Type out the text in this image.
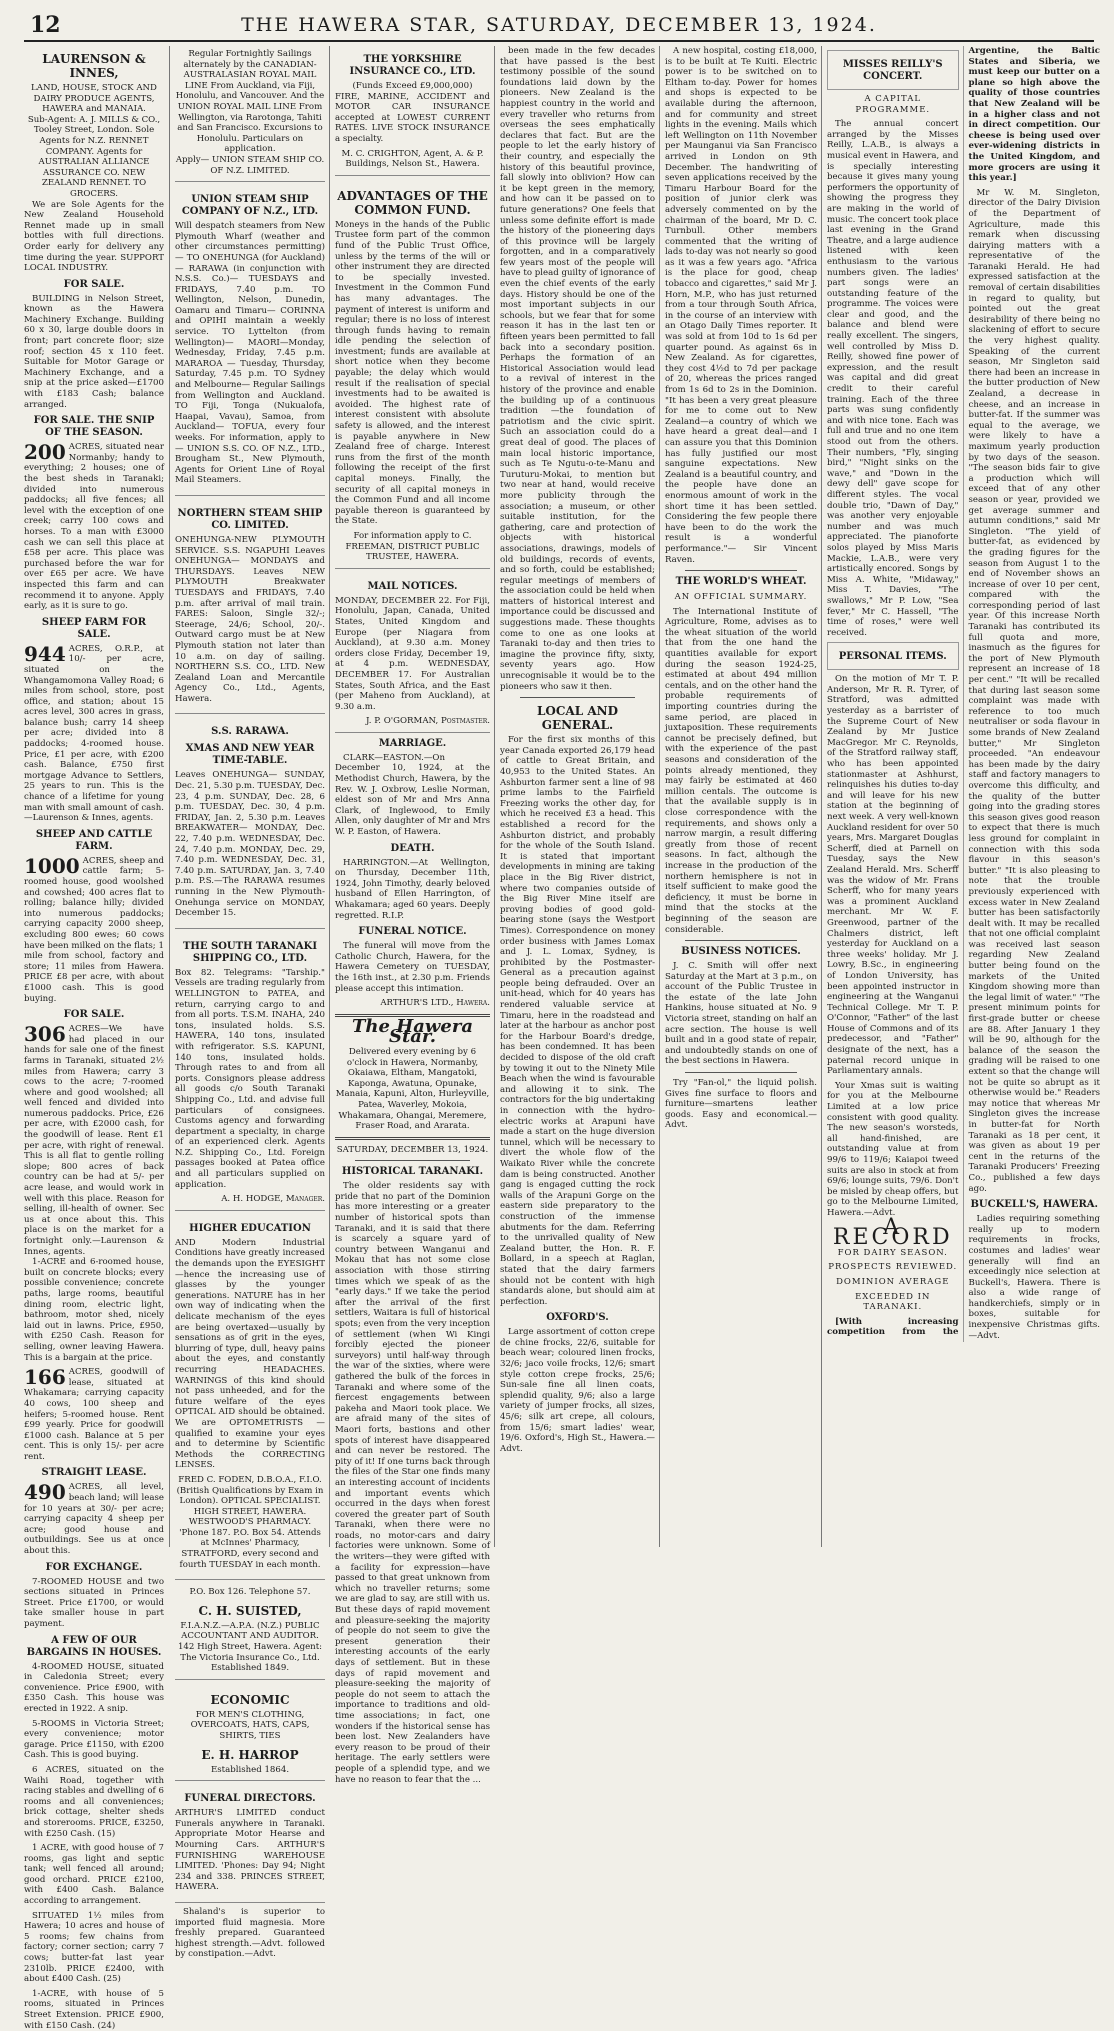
12	THE HAWERA STAR, SATURDAY, DECEMBER 13, 1924.
LAURENSON & INNES,
LAND, HOUSE, STOCK AND DAIRY PRODUCE AGENTS, HAWERA and MANAIA.
Sub-Agent: A. J. MILLS & CO., Tooley Street, London. Sole Agents for N.Z. RENNET COMPANY. Agents for AUSTRALIAN ALLIANCE ASSURANCE CO. NEW ZEALAND RENNET. TO GROCERS.

We are Sole Agents for the New Zealand Household Rennet made up in small bottles with full directions. Order early for delivery any time during the year. SUPPORT LOCAL INDUSTRY.

FOR SALE.

BUILDING in Nelson Street, known as the Hawera Machinery Exchange. Building 60 x 30, large double doors in front; part concrete floor; size roof; section 45 x 110 feet. Suitable for Motor Garage or Machinery Exchange, and a snip at the price asked—£1700 with £183 Cash; balance arranged.

FOR SALE. THE SNIP OF THE SEASON.
200 ACRES, situated near Normanby; handy to everything; 2 houses; one of the best sheds in Taranaki; divided into numerous paddocks; all five fences; all level with the exception of one creek; carry 100 cows and horses. To a man with £3000 cash we can sell this place at £58 per acre. This place was purchased before the war for over £65 per acre. We have inspected this farm and can recommend it to anyone. Apply early, as it is sure to go.
SHEEP FARM FOR SALE.
944 ACRES, O.R.P., at 10/- per acre, situated on the Whangamomona Valley Road; 6 miles from school, store, post office, and station; about 15 acres level, 300 acres in grass, balance bush; carry 14 sheep per acre; divided into 8 paddocks; 4-roomed house. Price, £1 per acre, with £200 cash. Balance, £750 first mortgage Advance to Settlers, 25 years to run. This is the chance of a lifetime for young man with small amount of cash.—Laurenson & Innes, agents.
SHEEP AND CATTLE FARM.
1000 ACRES, sheep and cattle farm; 5-roomed house, good woolshed and cowshed; 400 acres flat to rolling; balance hilly; divided into numerous paddocks; carrying capacity 2000 sheep, excluding 800 ewes; 60 cows have been milked on the flats; 1 mile from school, factory and store; 11 miles from Hawera. PRICE £8 per acre, with about £1000 cash. This is good buying.
FOR SALE.
306 ACRES—We have had placed in our hands for sale one of the finest farms in Taranaki, situated 2½ miles from Hawera; carry 3 cows to the acre; 7-roomed where and good woolshed; all well fenced and divided into numerous paddocks. Price, £26 per acre, with £2000 cash, for the goodwill of lease. Rent £1 per acre, with right of renewal. This is all flat to gentle rolling slope; 800 acres of back country can be had at 5/- per acre lease, and would work in well with this place. Reason for selling, ill-health of owner. Sec us at once about this. This place is on the market for a fortnight only.—Laurenson & Innes, agents.

1-ACRE and 6-roomed house, built on concrete blocks; every possible convenience; concrete paths, large rooms, beautiful dining room, electric light, bathroom, motor shed, nicely laid out in lawns. Price, £950, with £250 Cash. Reason for selling, owner leaving Hawera. This is a bargain at the price.

166 ACRES, goodwill of lease, situated at Whakamara; carrying capacity 40 cows, 100 sheep and heifers; 5-roomed house. Rent £99 yearly. Price for goodwill £1000 cash. Balance at 5 per cent. This is only 15/- per acre rent.
STRAIGHT LEASE.
490 ACRES, all level, beach land; will lease for 10 years at 30/- per acre; carrying capacity 4 sheep per acre; good house and outbuildings. See us at once about this.
FOR EXCHANGE.

7-ROOMED HOUSE and two sections situated in Princes Street. Price £1700, or would take smaller house in part payment.

A FEW OF OUR BARGAINS IN HOUSES.

4-ROOMED HOUSE, situated in Caledonia Street; every convenience. Price £900, with £350 Cash. This house was erected in 1922. A snip.

5-ROOMS in Victoria Street; every convenience; motor garage. Price £1150, with £200 Cash. This is good buying.

6 ACRES, situated on the Waihi Road, together with racing stables and dwelling of 6 rooms and all conveniences; brick cottage, shelter sheds and storerooms. PRICE, £3250, with £250 Cash. (15)

1 ACRE, with good house of 7 rooms, gas light and septic tank; well fenced all around; good orchard. PRICE £2100, with £400 Cash. Balance according to arrangement.

SITUATED 1½ miles from Hawera; 10 acres and house of 5 rooms; few chains from factory; corner section; carry 7 cows; butter-fat last year 2310lb. PRICE £2400, with about £400 Cash. (25)

1-ACRE, with house of 5 rooms, situated in Princes Street Extension. PRICE £900, with £150 Cash. (24)

Regular Fortnightly Sailings alternately by the CANADIAN-AUSTRALASIAN ROYAL MAIL LINE From Auckland, via Fiji, Honolulu, and Vancouver. And the UNION ROYAL MAIL LINE From Wellington, via Rarotonga, Tahiti and San Francisco. Excursions to Honolulu. Particulars on application.
Apply— UNION STEAM SHIP CO. OF N.Z. LIMITED.
UNION STEAM SHIP COMPANY OF N.Z., LTD.

Will despatch steamers from New Plymouth Wharf (weather and other circumstances permitting)— TO ONEHUNGA (for Auckland)— RARAWA (in conjunction with N.S.S. Co.)— TUESDAYS and FRIDAYS, 7.40 p.m. TO Wellington, Nelson, Dunedin, Oamaru and Timaru— CORINNA and OPIHI maintain a weekly service. TO Lyttelton (from Wellington)— MAORI—Monday, Wednesday, Friday, 7.45 p.m. MARAROA — Tuesday, Thursday, Saturday, 7.45 p.m. TO Sydney and Melbourne— Regular Sailings from Wellington and Auckland. TO Fiji, Tonga (Nukualofa, Haapai, Vavau), Samoa, from Auckland— TOFUA, every four weeks. For information, apply to— UNION S.S. CO. OF N.Z., LTD., Brougham St., New Plymouth, Agents for Orient Line of Royal Mail Steamers.

NORTHERN STEAM SHIP CO. LIMITED.

ONEHUNGA-NEW PLYMOUTH SERVICE. S.S. NGAPUHI Leaves ONEHUNGA— MONDAYS and THURSDAYS. Leaves NEW PLYMOUTH Breakwater TUESDAYS and FRIDAYS, 7.40 p.m. after arrival of mail train. FARES: Saloon, Single 32/-; Steerage, 24/6; School, 20/-. Outward cargo must be at New Plymouth station not later than 10 a.m. on day of sailing. NORTHERN S.S. CO., LTD. New Zealand Loan and Mercantile Agency Co., Ltd., Agents, Hawera.

S.S. RARAWA.
XMAS AND NEW YEAR TIME-TABLE.

Leaves ONEHUNGA— SUNDAY, Dec. 21, 5.30 p.m. TUESDAY, Dec. 23, 4 p.m. SUNDAY, Dec. 28, 6 p.m. TUESDAY, Dec. 30, 4 p.m. FRIDAY, Jan. 2, 5.30 p.m. Leaves BREAKWATER— MONDAY, Dec. 22, 7.40 p.m. WEDNESDAY, Dec. 24, 7.40 p.m. MONDAY, Dec. 29, 7.40 p.m. WEDNESDAY, Dec. 31, 7.40 p.m. SATURDAY, Jan. 3, 7.40 p.m. P.S.—The RARAWA resumes running in the New Plymouth-Onehunga service on MONDAY, December 15.

THE SOUTH TARANAKI SHIPPING CO., LTD.

Box 82. Telegrams: "Tarship." Vessels are trading regularly from WELLINGTON to PATEA, and return, carrying cargo to and from all ports. T.S.M. INAHA, 240 tons, insulated holds. S.S. HAWERA, 140 tons, insulated with refrigerator. S.S. KAPUNI, 140 tons, insulated holds. Through rates to and from all ports. Consignors please address all goods c/o South Taranaki Shipping Co., Ltd. and advise full particulars of consignees. Customs agency and forwarding department a specialty, in charge of an experienced clerk. Agents N.Z. Shipping Co., Ltd. Foreign passages booked at Patea office and all particulars supplied on application.

A. H. HODGE, Manager.
HIGHER EDUCATION

AND Modern Industrial Conditions have greatly increased the demands upon the EYESIGHT—hence the increasing use of glasses by the younger generations. NATURE has in her own way of indicating when the delicate mechanism of the eyes are being overtaxed—usually by sensations as of grit in the eyes, blurring of type, dull, heavy pains about the eyes, and constantly recurring HEADACHES. WARNINGS of this kind should not pass unheeded, and for the future welfare of the eyes OPTICAL AID should be obtained. We are OPTOMETRISTS —qualified to examine your eyes and to determine by Scientific Methods the CORRECTING LENSES.

FRED C. FODEN, D.B.O.A., F.I.O. (British Qualifications by Exam in London). OPTICAL SPECIALIST. HIGH STREET, HAWERA. WESTWOOD'S PHARMACY. 'Phone 187. P.O. Box 54. Attends at McInnes' Pharmacy, STRATFORD, every second and fourth TUESDAY in each month.

P.O. Box 126. Telephone 57.
C. H. SUISTED,
F.I.A.N.Z.—A.P.A. (N.Z.) PUBLIC ACCOUNTANT AND AUDITOR. 142 High Street, Hawera. Agent: The Victoria Insurance Co., Ltd. Established 1849.
ECONOMIC
FOR MEN'S CLOTHING, OVERCOATS, HATS, CAPS, SHIRTS, TIES
E. H. HARROP
Established 1864.
FUNERAL DIRECTORS.

ARTHUR'S LIMITED conduct Funerals anywhere in Taranaki. Appropriate Motor Hearse and Mourning Cars. ARTHUR'S FURNISHING WAREHOUSE LIMITED. 'Phones: Day 94; Night 234 and 338. PRINCES STREET, HAWERA.

Shaland's is superior to imported fluid magnesia. More freshly prepared. Guaranteed highest strength.—Advt. followed by constipation.—Advt.

THE YORKSHIRE INSURANCE CO., LTD.
(Funds Exceed £9,000,000)

FIRE, MARINE, ACCIDENT and MOTOR CAR INSURANCE accepted at LOWEST CURRENT RATES. LIVE STOCK INSURANCE a specialty.

M. C. CRIGHTON, Agent, A. & P. Buildings, Nelson St., Hawera.
ADVANTAGES OF THE COMMON FUND.

Moneys in the hands of the Public Trustee form part of the common fund of the Public Trust Office, unless by the terms of the will or other instrument they are directed to be specially invested. Investment in the Common Fund has many advantages. The payment of interest is uniform and regular; there is no loss of interest through funds having to remain idle pending the selection of investment; funds are available at short notice when they become payable; the delay which would result if the realisation of special investments had to be awaited is avoided. The highest rate of interest consistent with absolute safety is allowed, and the interest is payable anywhere in New Zealand free of charge. Interest runs from the first of the month following the receipt of the first capital moneys. Finally, the security of all capital moneys in the Common Fund and all income payable thereon is guaranteed by the State.

For information apply to C. FREEMAN, DISTRICT PUBLIC TRUSTEE, HAWERA.
MAIL NOTICES.

MONDAY, DECEMBER 22. For Fiji, Honolulu, Japan, Canada, United States, United Kingdom and Europe (per Niagara from Auckland), at 9.30 a.m. Money orders close Friday, December 19, at 4 p.m. WEDNESDAY, DECEMBER 17. For Australian States, South Africa, and the East (per Maheno from Auckland), at 9.30 a.m.

J. P. O'GORMAN, Postmaster.
MARRIAGE.

CLARK—EASTON.—On December 10, 1924, at the Methodist Church, Hawera, by the Rev. W. J. Oxbrow, Leslie Norman, eldest son of Mr and Mrs Anna Clark, of Inglewood, to Emily Allen, only daughter of Mr and Mrs W. P. Easton, of Hawera.

DEATH.

HARRINGTON.—At Wellington, on Thursday, December 11th, 1924, John Timothy, dearly beloved husband of Ellen Harrington, of Whakamara; aged 60 years. Deeply regretted. R.I.P.

FUNERAL NOTICE.

The funeral will move from the Catholic Church, Hawera, for the Hawera Cemetery on TUESDAY, the 16th inst., at 2.30 p.m. Friends please accept this intimation.

ARTHUR'S LTD., Hawera.
The Hawera Star.
Delivered every evening by 6 o'clock in Hawera, Normanby, Okaiawa, Eltham, Mangatoki, Kaponga, Awatuna, Opunake, Manaia, Kapuni, Alton, Hurleyville, Patea, Waverley, Mokoia, Whakamara, Ohangai, Meremere, Fraser Road, and Ararata.
SATURDAY, DECEMBER 13, 1924.
HISTORICAL TARANAKI.

The older residents say with pride that no part of the Dominion has more interesting or a greater number of historical spots than Taranaki, and it is said that there is scarcely a square yard of country between Wanganui and Mokau that has not some close association with those stirring times which we speak of as the "early days." If we take the period after the arrival of the first settlers, Waitara is full of historical spots; even from the very inception of settlement (when Wi Kingi forcibly ejected the pioneer surveyors) until half-way through the war of the sixties, where were gathered the bulk of the forces in Taranaki and where some of the fiercest engagements between pakeha and Maori took place. We are afraid many of the sites of Maori forts, bastions and other spots of interest have disappeared and can never be restored. The pity of it! If one turns back through the files of the Star one finds many an interesting account of incidents and important events which occurred in the days when forest covered the greater part of South Taranaki, when there were no roads, no motor-cars and dairy factories were unknown. Some of the writers—they were gifted with a facility for expression—have passed to that great unknown from which no traveller returns; some we are glad to say, are still with us. But these days of rapid movement and pleasure-seeking the majority of people do not seem to give the present generation their interesting accounts of the early days of settlement. But in these days of rapid movement and pleasure-seeking the majority of people do not seem to attach the importance to traditions and old-time associations; in fact, one wonders if the historical sense has been lost. New Zealanders have every reason to be proud of their heritage. The early settlers were people of a splendid type, and we have no reason to fear that the ...

been made in the few decades that have passed is the best testimony possible of the sound foundations laid down by the pioneers. New Zealand is the happiest country in the world and every traveller who returns from overseas the sees emphatically declares that fact. But are the people to let the early history of their country, and especially the history of this beautiful province, fall slowly into oblivion? How can it be kept green in the memory, and how can it be passed on to future generations? One feels that unless some definite effort is made the history of the pioneering days of this province will be largely forgotten, and in a comparatively few years most of the people will have to plead guilty of ignorance of even the chief events of the early days. History should be one of the most important subjects in our schools, but we fear that for some reason it has in the last ten or fifteen years been permitted to fall back into a secondary position. Perhaps the formation of an Historical Association would lead to a revival of interest in the history of the province and enable the building up of a continuous tradition —the foundation of patriotism and the civic spirit. Such an association could do a great deal of good. The places of main local historic importance, such as Te Ngutu-o-te-Manu and Turuturu-Mokai, to mention but two near at hand, would receive more publicity through the association; a museum, or other suitable institution, for the gathering, care and protection of objects with historical associations, drawings, models of old buildings, records of events, and so forth, could be established; regular meetings of members of the association could be held when matters of historical interest and importance could be discussed and suggestions made. These thoughts come to one as one looks at Taranaki to-day and then tries to imagine the province fifty, sixty, seventy years ago. How unrecognisable it would be to the pioneers who saw it then.

LOCAL AND GENERAL.

For the first six months of this year Canada exported 26,179 head of cattle to Great Britain, and 40,953 to the United States. An Ashburton farmer sent a line of 98 prime lambs to the Fairfield Freezing works the other day, for which he received £3 a head. This established a record for the Ashburton district, and probably for the whole of the South Island. It is stated that important developments in mining are taking place in the Big River district, where two companies outside of the Big River Mine itself are proving bodies of good gold-bearing stone (says the Westport Times). Correspondence on money order business with James Lomax and J. L. Lomax, Sydney, is prohibited by the Postmaster-General as a precaution against people being defrauded. Over an unit-head, which for 40 years has rendered valuable service at Timaru, here in the roadstead and later at the harbour as anchor post for the Harbour Board's dredge, has been condemned. It has been decided to dispose of the old craft by towing it out to the Ninety Mile Beach when the wind is favourable and allowing it to sink. The contractors for the big undertaking in connection with the hydro-electric works at Arapuni have made a start on the huge diversion tunnel, which will be necessary to divert the whole flow of the Waikato River while the concrete dam is being constructed. Another gang is engaged cutting the rock walls of the Arapuni Gorge on the eastern side preparatory to the construction of the immense abutments for the dam. Referring to the unrivalled quality of New Zealand butter, the Hon. R. F. Bollard, in a speech at Raglan, stated that the dairy farmers should not be content with high standards alone, but should aim at perfection.

OXFORD'S.

Large assortment of cotton crepe de chine frocks, 22/6, suitable for beach wear; coloured linen frocks, 32/6; jaco voile frocks, 12/6; smart style cotton crepe frocks, 25/6; Sun-sale fine all linen coats, splendid quality, 9/6; also a large variety of jumper frocks, all sizes, 45/6; silk art crepe, all colours, from 15/6; smart ladies' wear, 19/6. Oxford's, High St., Hawera.—Advt.

A new hospital, costing £18,000, is to be built at Te Kuiti. Electric power is to be switched on to Eltham to-day. Power for homes and shops is expected to be available during the afternoon, and for community and street lights in the evening. Mails which left Wellington on 11th November per Maunganui via San Francisco arrived in London on 9th December. The handwriting of seven applications received by the Timaru Harbour Board for the position of junior clerk was adversely commented on by the chairman of the board, Mr D. C. Turnbull. Other members commented that the writing of lads to-day was not nearly so good as it was a few years ago. "Africa is the place for good, cheap tobacco and cigarettes," said Mr J. Horn, M.P., who has just returned from a tour through South Africa, in the course of an interview with an Otago Daily Times reporter. It was sold at from 10d to 1s 6d per quarter pound. As against 6s in New Zealand. As for cigarettes, they cost 4½d to 7d per package of 20, whereas the prices ranged from 1s 6d to 2s in the Dominion. "It has been a very great pleasure for me to come out to New Zealand—a country of which we have heard a great deal—and I can assure you that this Dominion has fully justified our most sanguine expectations. New Zealand is a beautiful country, and the people have done an enormous amount of work in the short time it has been settled. Considering the few people there have been to do the work the result is a wonderful performance."— Sir Vincent Raven.

THE WORLD'S WHEAT.
AN OFFICIAL SUMMARY.

The International Institute of Agriculture, Rome, advises as to the wheat situation of the world that from the one hand the quantities available for export during the season 1924-25, estimated at about 494 million centals, and on the other hand the probable requirements of importing countries during the same period, are placed in juxtaposition. These requirements cannot be precisely defined, but with the experience of the past seasons and consideration of the points already mentioned, they may fairly be estimated at 460 million centals. The outcome is that the available supply is in close correspondence with the requirements, and shows only a narrow margin, a result differing greatly from those of recent seasons. In fact, although the increase in the production of the northern hemisphere is not in itself sufficient to make good the deficiency, it must be borne in mind that the stocks at the beginning of the season are considerable.

BUSINESS NOTICES.

J. C. Smith will offer next Saturday at the Mart at 3 p.m., on account of the Public Trustee in the estate of the late John Hankins, house situated at No. 9 Victoria street, standing on half an acre section. The house is well built and in a good state of repair, and undoubtedly stands on one of the best sections in Hawera.

Try "Fan-ol," the liquid polish. Gives fine surface to floors and furniture—smartens leather goods. Easy and economical.—Advt.

MISSES REILLY'S CONCERT.
A CAPITAL PROGRAMME.

The annual concert arranged by the Misses Reilly, L.A.B., is always a musical event in Hawera, and is specially interesting because it gives many young performers the opportunity of showing the progress they are making in the world of music. The concert took place last evening in the Grand Theatre, and a large audience listened with keen enthusiasm to the various numbers given. The ladies' part songs were an outstanding feature of the programme. The voices were clear and good, and the balance and blend were really excellent. The singers, well controlled by Miss D. Reilly, showed fine power of expression, and the result was capital and did great credit to their careful training. Each of the three parts was sung confidently and with nice tone. Each was full and true and no one item stood out from the others. Their numbers, "Fly, singing bird," "Night sinks on the wave," and "Down in the dewy dell" gave scope for different styles. The vocal double trio, "Dawn of Day," was another very enjoyable number and was much appreciated. The pianoforte solos played by Miss Maris Mackie, L.A.B., were very artistically encored. Songs by Miss A. White, "Midaway," Miss T. Davies, "The swallows," Mr P. Low, "Sea fever," Mr C. Hassell, "The time of roses," were well received.

PERSONAL ITEMS.

On the motion of Mr T. P. Anderson, Mr R. R. Tyrer, of Stratford, was admitted yesterday as a barrister of the Supreme Court of New Zealand by Mr Justice MacGregor. Mr C. Reynolds, of the Stratford railway staff, who has been appointed stationmaster at Ashhurst, relinquishes his duties to-day and will leave for his new station at the beginning of next week. A very well-known Auckland resident for over 50 years, Mrs. Margaret Douglas Scherff, died at Parnell on Tuesday, says the New Zealand Herald. Mrs. Scherff was the widow of Mr. Frans Scherff, who for many years was a prominent Auckland merchant. Mr W. F. Greenwood, partner of the Chalmers district, left yesterday for Auckland on a three weeks' holiday. Mr J. Lowry, B.Sc., in engineering of London University, has been appointed instructor in engineering at the Wanganui Technical College. Mr T. P. O'Connor, "Father" of the last House of Commons and of its predecessor, and "Father" designate of the next, has a paternal record unique in Parliamentary annals.

Your Xmas suit is waiting for you at the Melbourne Limited at a low price consistent with good quality. The new season's worsteds, all hand-finished, are outstanding value at from 99/6 to 119/6; Kaiapoi tweed suits are also in stock at from 69/6; lounge suits, 79/6. Don't be misled by cheap offers, but go to the Melbourne Limited, Hawera.—Advt.

A RECORD
FOR DAIRY SEASON.
PROSPECTS REVIEWED.
DOMINION AVERAGE
EXCEEDED IN TARANAKI.

[With increasing competition from the Argentine, the Baltic States and Siberia, we must keep our butter on a plane so high above the quality of those countries that New Zealand will be in a higher class and not in direct competition. Our cheese is being used over ever-widening districts in the United Kingdom, and more grocers are using it this year.]

Mr W. M. Singleton, director of the Dairy Division of the Department of Agriculture, made this remark when discussing dairying matters with a representative of the Taranaki Herald. He had expressed satisfaction at the removal of certain disabilities in regard to quality, but pointed out the great desirability of there being no slackening of effort to secure the very highest quality. Speaking of the current season, Mr Singleton said there had been an increase in the butter production of New Zealand, a decrease in cheese, and an increase in butter-fat. If the summer was equal to the average, we were likely to have a maximum yearly production by two days of the season. "The season bids fair to give a production which will exceed that of any other season or year, provided we get average summer and autumn conditions," said Mr Singleton. "The yield of butter-fat, as evidenced by the grading figures for the season from August 1 to the end of November shows an increase of over 10 per cent, compared with the corresponding period of last year. Of this increase North Taranaki has contributed its full quota and more, inasmuch as the figures for the port of New Plymouth represent an increase of 18 per cent." "It will be recalled that during last season some complaint was made with reference to too much neutraliser or soda flavour in some brands of New Zealand butter," Mr Singleton proceeded. "An endeavour has been made by the dairy staff and factory managers to overcome this difficulty, and the quality of the butter going into the grading stores this season gives good reason to expect that there is much less ground for complaint in connection with this soda flavour in this season's butter." "It is also pleasing to note that the trouble previously experienced with excess water in New Zealand butter has been satisfactorily dealt with. It may be recalled that not one official complaint was received last season regarding New Zealand butter being found on the markets of the United Kingdom showing more than the legal limit of water." "The present minimum points for first-grade butter or cheese are 88. After January 1 they will be 90, although for the balance of the season the grading will be raised to one extent so that the change will not be quite so abrupt as it otherwise would be." Readers may notice that whereas Mr Singleton gives the increase in butter-fat for North Taranaki as 18 per cent, it was given as about 19 per cent in the returns of the Taranaki Producers' Freezing Co., published a few days ago.

BUCKELL'S, HAWERA.

Ladies requiring something really up to modern requirements in frocks, costumes and ladies' wear generally will find an exceedingly nice selection at Buckell's, Hawera. There is also a wide range of handkerchiefs, simply or in boxes, suitable for inexpensive Christmas gifts.—Advt.
